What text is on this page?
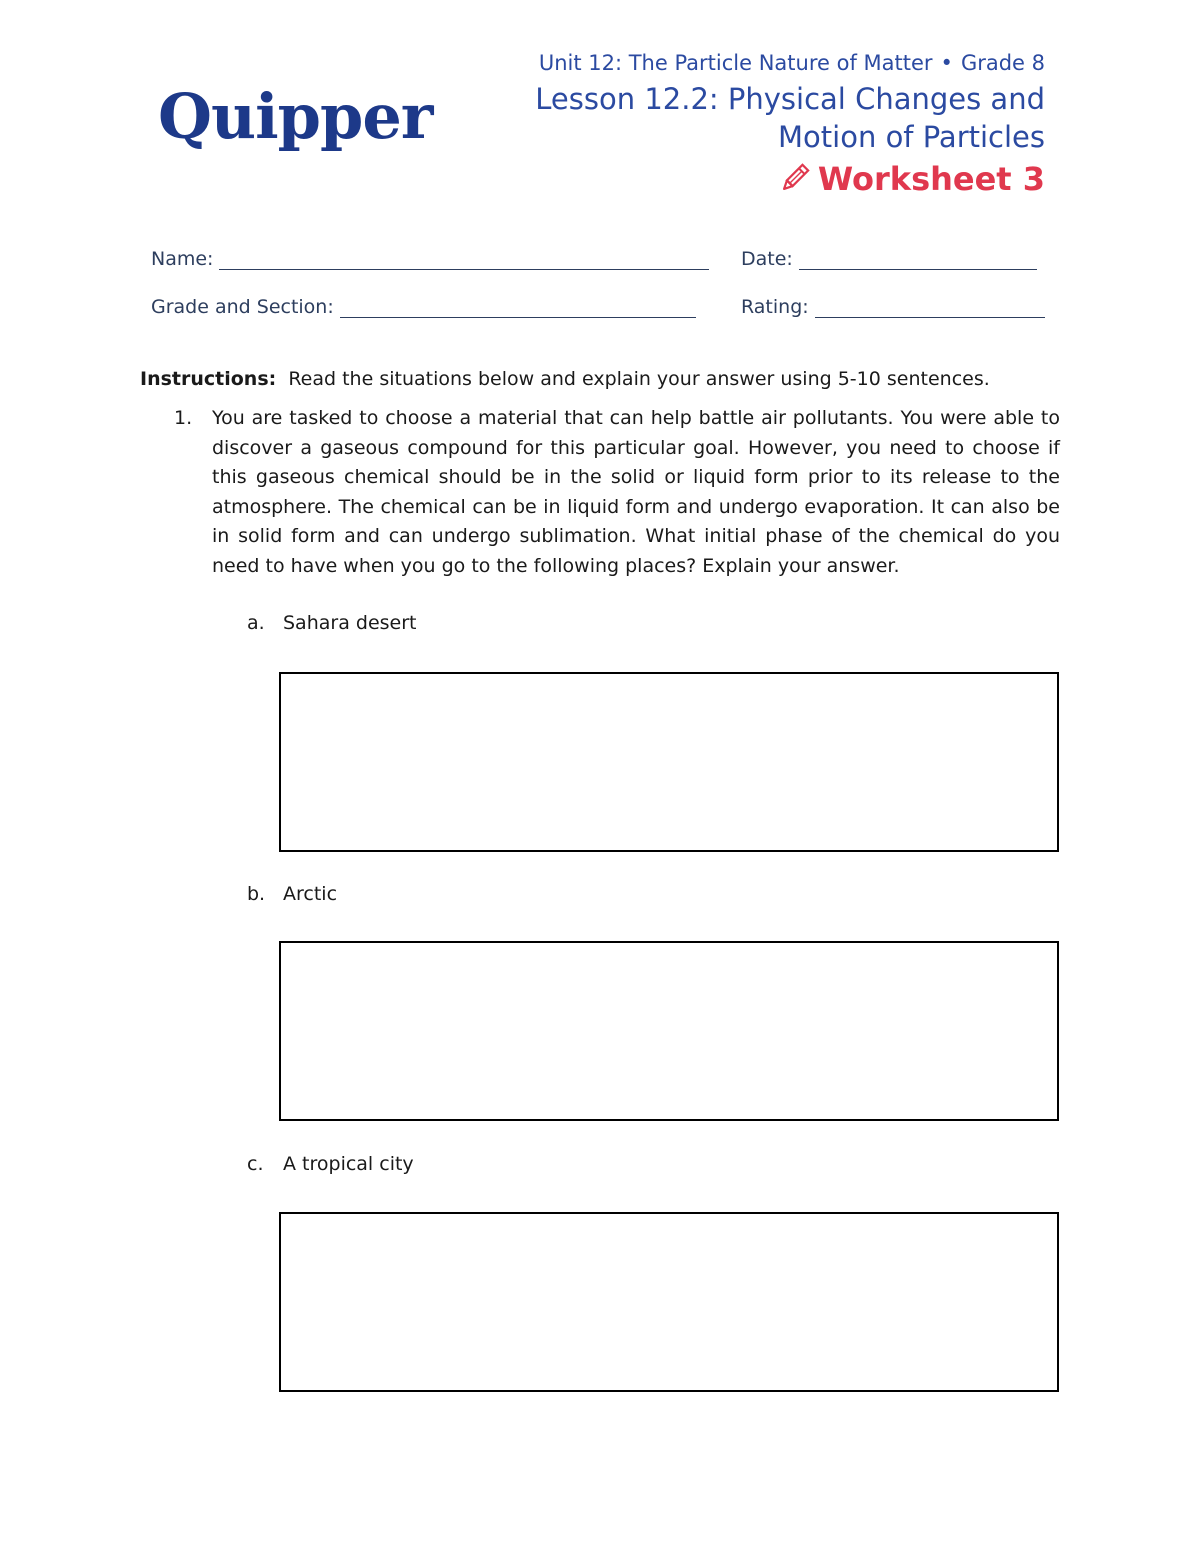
Quipper
Unit 12: The Particle Nature of Matter • Grade 8
Lesson 12.2: Physical Changes and
Motion of Particles
Worksheet 3
Name:	Date:
Grade and Section:	Rating:
Instructions: Read the situations below and explain your answer using 5-10 sentences.
1. You are tasked to choose a material that can help battle air pollutants. You were able to discover a gaseous compound for this particular goal. However, you need to choose if this gaseous chemical should be in the solid or liquid form prior to its release to the atmosphere. The chemical can be in liquid form and undergo evaporation. It can also be in solid form and can undergo sublimation. What initial phase of the chemical do you need to have when you go to the following places? Explain your answer.
a. Sahara desert
b. Arctic
c. A tropical city
